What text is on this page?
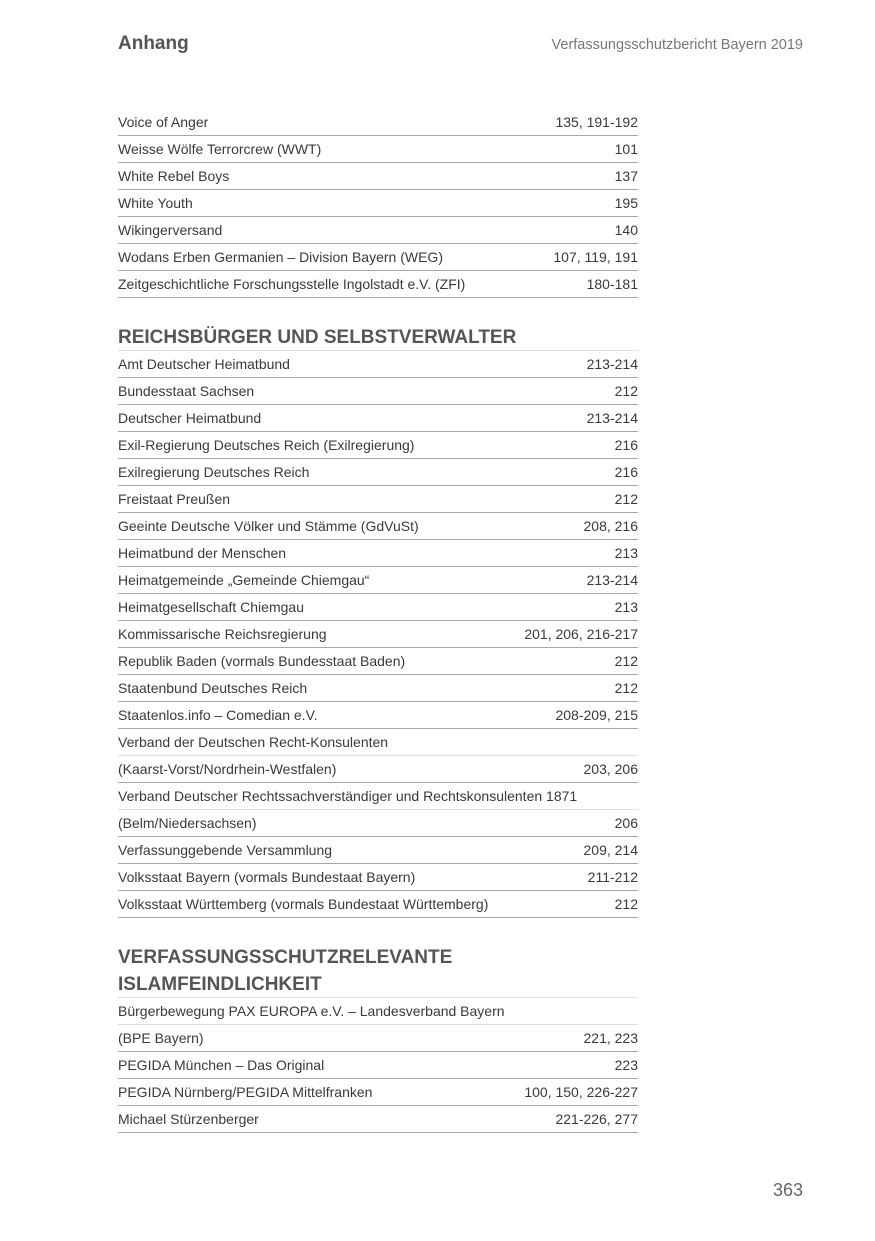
Anhang	Verfassungsschutzbericht Bayern 2019
Voice of Anger	135, 191-192
Weisse Wölfe Terrorcrew (WWT)	101
White Rebel Boys	137
White Youth	195
Wikingerversand	140
Wodans Erben Germanien – Division Bayern (WEG)	107, 119, 191
Zeitgeschichtliche Forschungsstelle Ingolstadt e.V. (ZFI)	180-181
REICHSBÜRGER UND SELBSTVERWALTER
Amt Deutscher Heimatbund	213-214
Bundesstaat Sachsen	212
Deutscher Heimatbund	213-214
Exil-Regierung Deutsches Reich (Exilregierung)	216
Exilregierung Deutsches Reich	216
Freistaat Preußen	212
Geeinte Deutsche Völker und Stämme (GdVuSt)	208, 216
Heimatbund der Menschen	213
Heimatgemeinde „Gemeinde Chiemgau“	213-214
Heimatgesellschaft Chiemgau	213
Kommissarische Reichsregierung	201, 206, 216-217
Republik Baden (vormals Bundesstaat Baden)	212
Staatenbund Deutsches Reich	212
Staatenlos.info – Comedian e.V.	208-209, 215
Verband der Deutschen Recht-Konsulenten
(Kaarst-Vorst/Nordrhein-Westfalen)	203, 206
Verband Deutscher Rechtssachverständiger und Rechtskonsulenten 1871
(Belm/Niedersachsen)	206
Verfassunggebende Versammlung	209, 214
Volksstaat Bayern (vormals Bundestaat Bayern)	211-212
Volksstaat Württemberg (vormals Bundestaat Württemberg)	212
VERFASSUNGSSCHUTZRELEVANTE
ISLAMFEINDLICHKEIT
Bürgerbewegung PAX EUROPA e.V. – Landesverband Bayern
(BPE Bayern)	221, 223
PEGIDA München – Das Original	223
PEGIDA Nürnberg/PEGIDA Mittelfranken	100, 150, 226-227
Michael Stürzenberger	221-226, 277
363
